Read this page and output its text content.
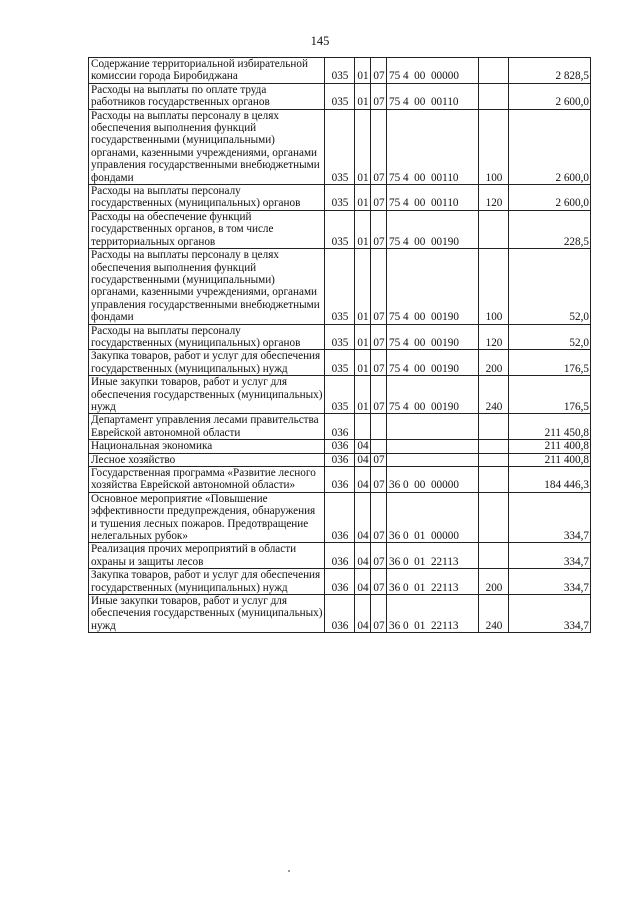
145
Содержание территориальной избирательной комиссии города Биробиджана	035	01	07	75 4  00  00000		2 828,5
Расходы на выплаты по оплате труда работников государственных органов	035	01	07	75 4  00  00110		2 600,0
Расходы на выплаты персоналу в целях обеспечения выполнения функций государственными (муниципальными) органами, казенными учреждениями, органами управления государственными внебюджетными фондами	035	01	07	75 4  00  00110	100	2 600,0
Расходы на выплаты персоналу государственных (муниципальных) органов	035	01	07	75 4  00  00110	120	2 600,0
Расходы на обеспечение функций государственных органов, в том числе территориальных органов	035	01	07	75 4  00  00190		228,5
Расходы на выплаты персоналу в целях обеспечения выполнения функций государственными (муниципальными) органами, казенными учреждениями, органами управления государственными внебюджетными фондами	035	01	07	75 4  00  00190	100	52,0
Расходы на выплаты персоналу государственных (муниципальных) органов	035	01	07	75 4  00  00190	120	52,0
Закупка товаров, работ и услуг для обеспечения государственных (муниципальных) нужд	035	01	07	75 4  00  00190	200	176,5
Иные закупки товаров, работ и услуг для обеспечения государственных (муниципальных) нужд	035	01	07	75 4  00  00190	240	176,5
Департамент управления лесами правительства Еврейской автономной области	036					211 450,8
Национальная экономика	036	04				211 400,8
Лесное хозяйство	036	04	07			211 400,8
Государственная программа «Развитие лесного хозяйства Еврейской автономной области»	036	04	07	36 0  00  00000		184 446,3
Основное мероприятие «Повышение эффективности предупреждения, обнаружения и тушения лесных пожаров. Предотвращение нелегальных рубок»	036	04	07	36 0  01  00000		334,7
Реализация прочих мероприятий в области охраны и защиты лесов	036	04	07	36 0  01  22113		334,7
Закупка товаров, работ и услуг для обеспечения государственных (муниципальных) нужд	036	04	07	36 0  01  22113	200	334,7
Иные закупки товаров, работ и услуг для обеспечения государственных (муниципальных) нужд	036	04	07	36 0  01  22113	240	334,7
